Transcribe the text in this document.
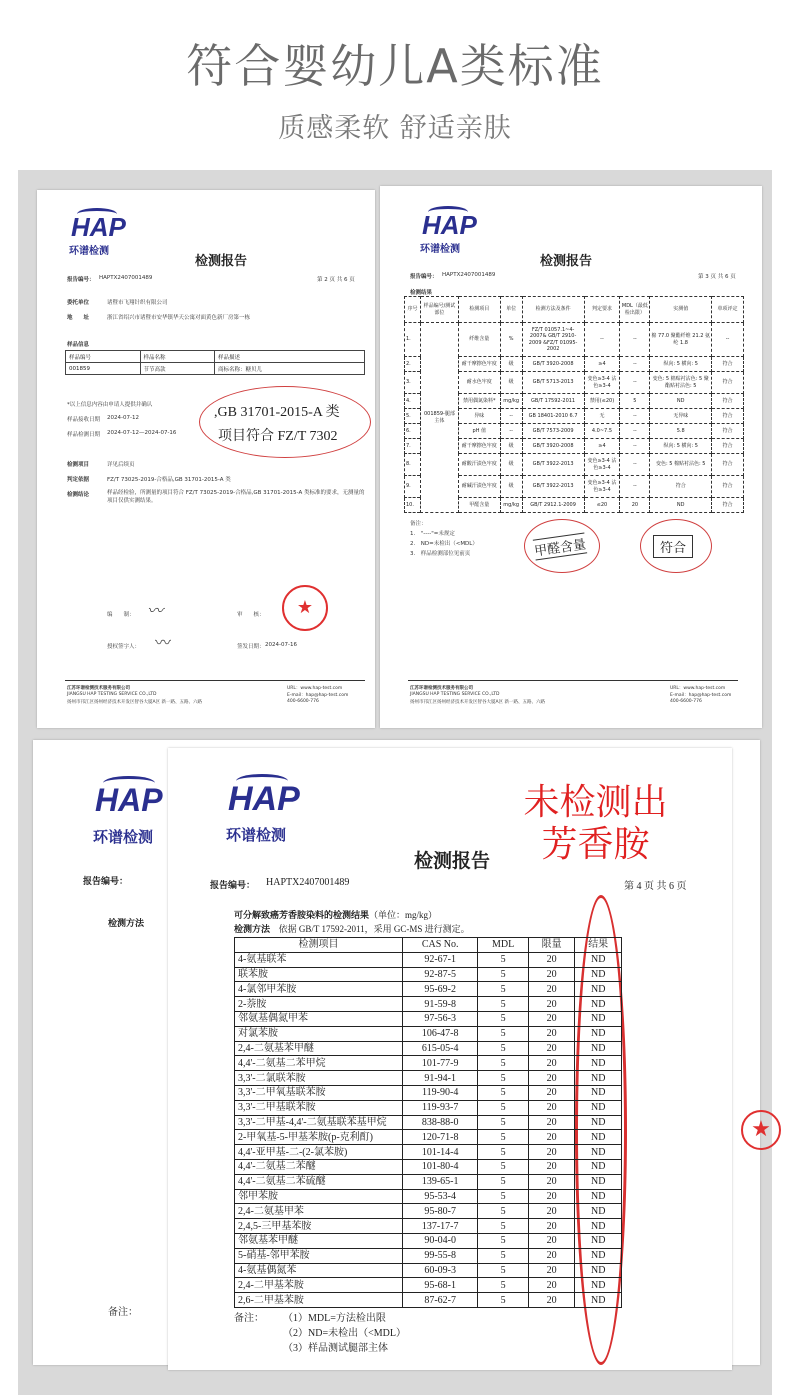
符合婴幼儿A类标准
质感柔软 舒适亲肤
HAP
环谱检测
检测报告
报告编号： HAPTX2407001489	第 2 页 共 6 页
委托单位	诸暨市飞翔针织有限公司
地　　址	浙江省绍兴市诸暨市安华镇华天公寓对面黄色新厂房第一栋
样品信息
样品编号	样品名称	样品描述
001859	节节高款	商标名称：糖贝儿
*以上信息内容由申请人提供并确认
样品接收日期 2024-07-12
样品检测日期 2024-07-12—2024-07-16
检测项目	详见后续页
判定依据	FZ/T 73025-2019-合格品,GB 31701-2015-A 类
检测结论	样品经检验，所测量的项目符合 FZ/T 73025-2019-合格品,GB 31701-2015-A 类标准的要求，无测量的项目仅供实测结果。
,GB 31701-2015-A 类
项目符合 FZ/T 7302
编　　制： 〰	审　　核：
授权签字人： 〰	签发日期： 2024-07-16
★
江苏环谱检测技术服务有限公司
JIANGSU HAP TESTING SERVICE CO.,LTD
扬州市邗江区扬州经济技术开发区智谷大厦A区 新一路、五路、六路
URL：www.hap-test.com
E-mail：hap@hap-test.com
400-6600-776
HAP
环谱检测
检测报告
报告编号： HAPTX2407001489	第 3 页 共 6 页
检测结果
序号	样品编号/测试部位	检测项目	单位	检测方法及条件	判定要求	MDL（最低检出限）	实测值	单项评定
1.	001859-腿部主体	纤维含量	%	FZ/T 01057.1~4-2007& GB/T 2910-2009 &FZ/T 01095-2002	--	--	棉 77.0 聚酯纤维 21.2 氨纶 1.8	--
2.		耐干摩擦色牢度	级	GB/T 3920-2008	≥4	--	纵向: 5 横向: 5	符合
3.		耐水色牢度	级	GB/T 5713-2013	变色≥3-4 沾色≥3-4	--	变色: 5 棉贴衬沾色: 5 聚酯贴衬沾色: 5	符合
4.		禁用偶氮染料*	mg/kg	GB/T 17592-2011	禁用(≤20)	5	ND	符合
5.		异味	--	GB 18401-2010 6.7	无	--	无异味	符合
6.		pH 值	--	GB/T 7573-2009	4.0~7.5	--	5.8	符合
7.		耐干摩擦色牢度	级	GB/T 3920-2008	≥4	--	纵向: 5 横向: 5	符合
8.		耐酸汗渍色牢度	级	GB/T 3922-2013	变色≥3-4 沾色≥3-4	--	变色: 5 棉贴衬沾色: 5	符合
9.		耐碱汗渍色牢度	级	GB/T 3922-2013	变色≥3-4 沾色≥3-4	--	符合	符合
10.		甲醛含量	mg/kg	GB/T 2912.1-2009	≤20	20	ND	符合
备注：
1.　"----"=未规定
2.　ND=未检出（<MDL）
3.　样品检测部位见前页	甲醛含量	符合
江苏环谱检测技术服务有限公司
JIANGSU HAP TESTING SERVICE CO.,LTD
扬州市邗江区扬州经济技术开发区智谷大厦A区 新一路、五路、六路
URL：www.hap-test.com
E-mail：hap@hap-test.com
400-6600-776
HAP
环谱检测
报告编号：
检测方法
备注：
★
HAP
环谱检测
检测报告
报告编号： HAPTX2407001489	第 4 页 共 6 页
可分解致癌芳香胺染料的检测结果（单位：mg/kg）
检测方法 依据 GB/T 17592-2011，采用 GC-MS 进行测定。
检测项目	CAS No.	MDL	限量	结果
4-氨基联苯	92-67-1	5	20	ND
联苯胺	92-87-5	5	20	ND
4-氯邻甲苯胺	95-69-2	5	20	ND
2-萘胺	91-59-8	5	20	ND
邻氨基偶氮甲苯	97-56-3	5	20	ND
对氯苯胺	106-47-8	5	20	ND
2,4-二氨基苯甲醚	615-05-4	5	20	ND
4,4'-二氨基二苯甲烷	101-77-9	5	20	ND
3,3'-二氯联苯胺	91-94-1	5	20	ND
3,3'-二甲氧基联苯胺	119-90-4	5	20	ND
3,3'-二甲基联苯胺	119-93-7	5	20	ND
3,3'-二甲基-4,4'-二氨基联苯基甲烷	838-88-0	5	20	ND
2-甲氧基-5-甲基苯胺(p-克利酊)	120-71-8	5	20	ND
4,4'-亚甲基-二-(2-氯苯胺)	101-14-4	5	20	ND
4,4'-二氨基二苯醚	101-80-4	5	20	ND
4,4'-二氨基二苯硫醚	139-65-1	5	20	ND
邻甲苯胺	95-53-4	5	20	ND
2,4-二氨基甲苯	95-80-7	5	20	ND
2,4,5-三甲基苯胺	137-17-7	5	20	ND
邻氨基苯甲醚	90-04-0	5	20	ND
5-硝基-邻甲苯胺	99-55-8	5	20	ND
4-氨基偶氮苯	60-09-3	5	20	ND
2,4-二甲基苯胺	95-68-1	5	20	ND
2,6-二甲基苯胺	87-62-7	5	20	ND
备注：	（1）MDL=方法检出限
（2）ND=未检出（<MDL）
（3）样品测试腿部主体
未检测出
芳香胺
